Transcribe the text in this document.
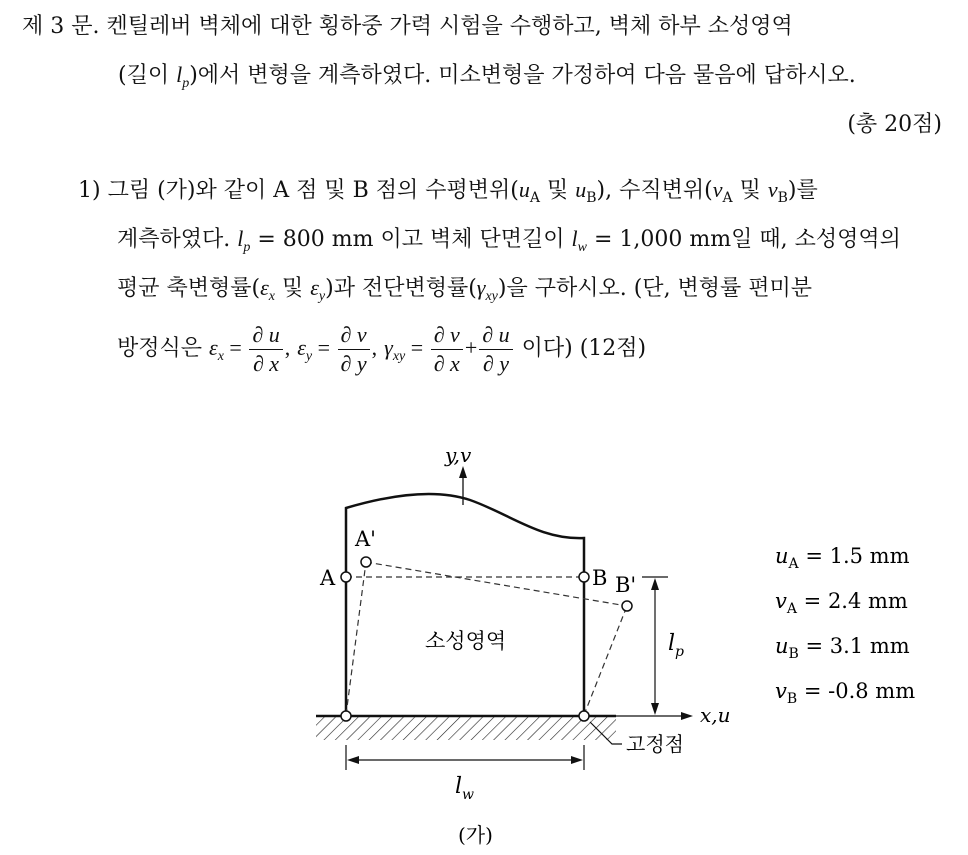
제 3 문. 켄틸레버 벽체에 대한 횡하중 가력 시험을 수행하고, 벽체 하부 소성영역
(길이 $l_p$)에서 변형을 계측하였다. 미소변형을 가정하여 다음 물음에 답하시오.
(총 20점)
1) 그림 (가)와 같이 A 점 및 B 점의 수평변위($u_A$ 및 $u_B$), 수직변위($v_A$ 및 $v_B$)를
계측하였다. $l_p = 800$ mm 이고 벽체 단면길이 $l_w = 1,000$ mm일 때, 소성영역의
평균 축변형률($\varepsilon_x$ 및 $\varepsilon_y$)과 전단변형률$(\gamma_{xy})$을 구하시오. (단, 변형률 편미분
방정식은 $\varepsilon_x = \frac{\partial u}{\partial x}$ , $\varepsilon_y = \frac{\partial v}{\partial y}$ , $\gamma_{xy} = \frac{\partial v}{\partial x} + \frac{\partial u}{\partial y}$ 이다) (12점)
y,v
x,u
A
A'
B B'
소성영역	$l_p$
$l_w$
고정점
(가)
$u_A = 1.5$ mm
$v_A = 2.4$ mm
$u_B = 3.1$ mm
$v_B = -0.8$ mm
